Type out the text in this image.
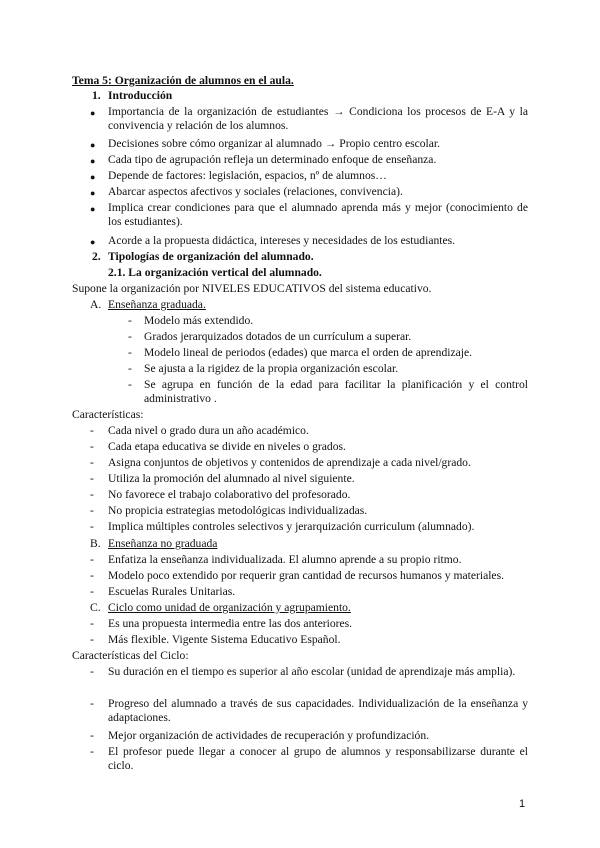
Tema 5: Organización de alumnos en el aula.
1. Introducción
● Importancia de la organización de estudiantes → Condiciona los procesos de E-A y la convivencia y relación de los alumnos.
● Decisiones sobre cómo organizar al alumnado → Propio centro escolar.
● Cada tipo de agrupación refleja un determinado enfoque de enseñanza.
● Depende de factores: legislación, espacios, nº de alumnos…
● Abarcar aspectos afectivos y sociales (relaciones, convivencia).
● Implica crear condiciones para que el alumnado aprenda más y mejor (conocimiento de los estudiantes).
● Acorde a la propuesta didáctica, intereses y necesidades de los estudiantes.
2. Tipologías de organización del alumnado.
2.1. La organización vertical del alumnado.
Supone la organización por NIVELES EDUCATIVOS del sistema educativo.
A. Enseñanza graduada.
- Modelo más extendido.
- Grados jerarquizados dotados de un currículum a superar.
- Modelo lineal de periodos (edades) que marca el orden de aprendizaje.
- Se ajusta a la rigidez de la propia organización escolar.
- Se agrupa en función de la edad para facilitar la planificación y el control administrativo .
Características:
- Cada nivel o grado dura un año académico.
- Cada etapa educativa se divide en niveles o grados.
- Asigna conjuntos de objetivos y contenidos de aprendizaje a cada nivel/grado.
- Utiliza la promoción del alumnado al nivel siguiente.
- No favorece el trabajo colaborativo del profesorado.
- No propicia estrategias metodológicas individualizadas.
- Implica múltiples controles selectivos y jerarquización curriculum (alumnado).
B. Enseñanza no graduada
- Enfatiza la enseñanza individualizada. El alumno aprende a su propio ritmo.
- Modelo poco extendido por requerir gran cantidad de recursos humanos y materiales.
- Escuelas Rurales Unitarias.
C. Ciclo como unidad de organización y agrupamiento.
- Es una propuesta intermedia entre las dos anteriores.
- Más flexible. Vigente Sistema Educativo Español.
Características del Ciclo:
- Su duración en el tiempo es superior al año escolar (unidad de aprendizaje más amplia).
- Progreso del alumnado a través de sus capacidades. Individualización de la enseñanza y adaptaciones.
- Mejor organización de actividades de recuperación y profundización.
- El profesor puede llegar a conocer al grupo de alumnos y responsabilizarse durante el ciclo.
1
